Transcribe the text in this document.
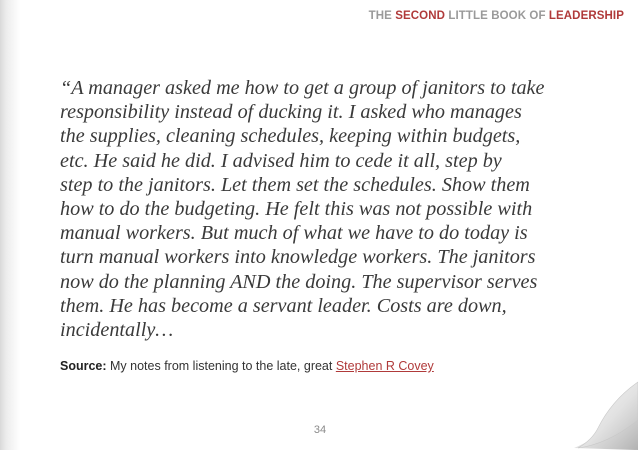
THE SECOND LITTLE BOOK OF LEADERSHIP

“A manager asked me how to get a group of janitors to take
responsibility instead of ducking it. I asked who manages
the supplies, cleaning schedules, keeping within budgets,
etc. He said he did. I advised him to cede it all, step by
step to the janitors. Let them set the schedules. Show them
how to do the budgeting. He felt this was not possible with
manual workers. But much of what we have to do today is
turn manual workers into knowledge workers. The janitors
now do the planning AND the doing. The supervisor serves
them. He has become a servant leader. Costs are down,
incidentally…

Source: My notes from listening to the late, great Stephen R Covey
34
